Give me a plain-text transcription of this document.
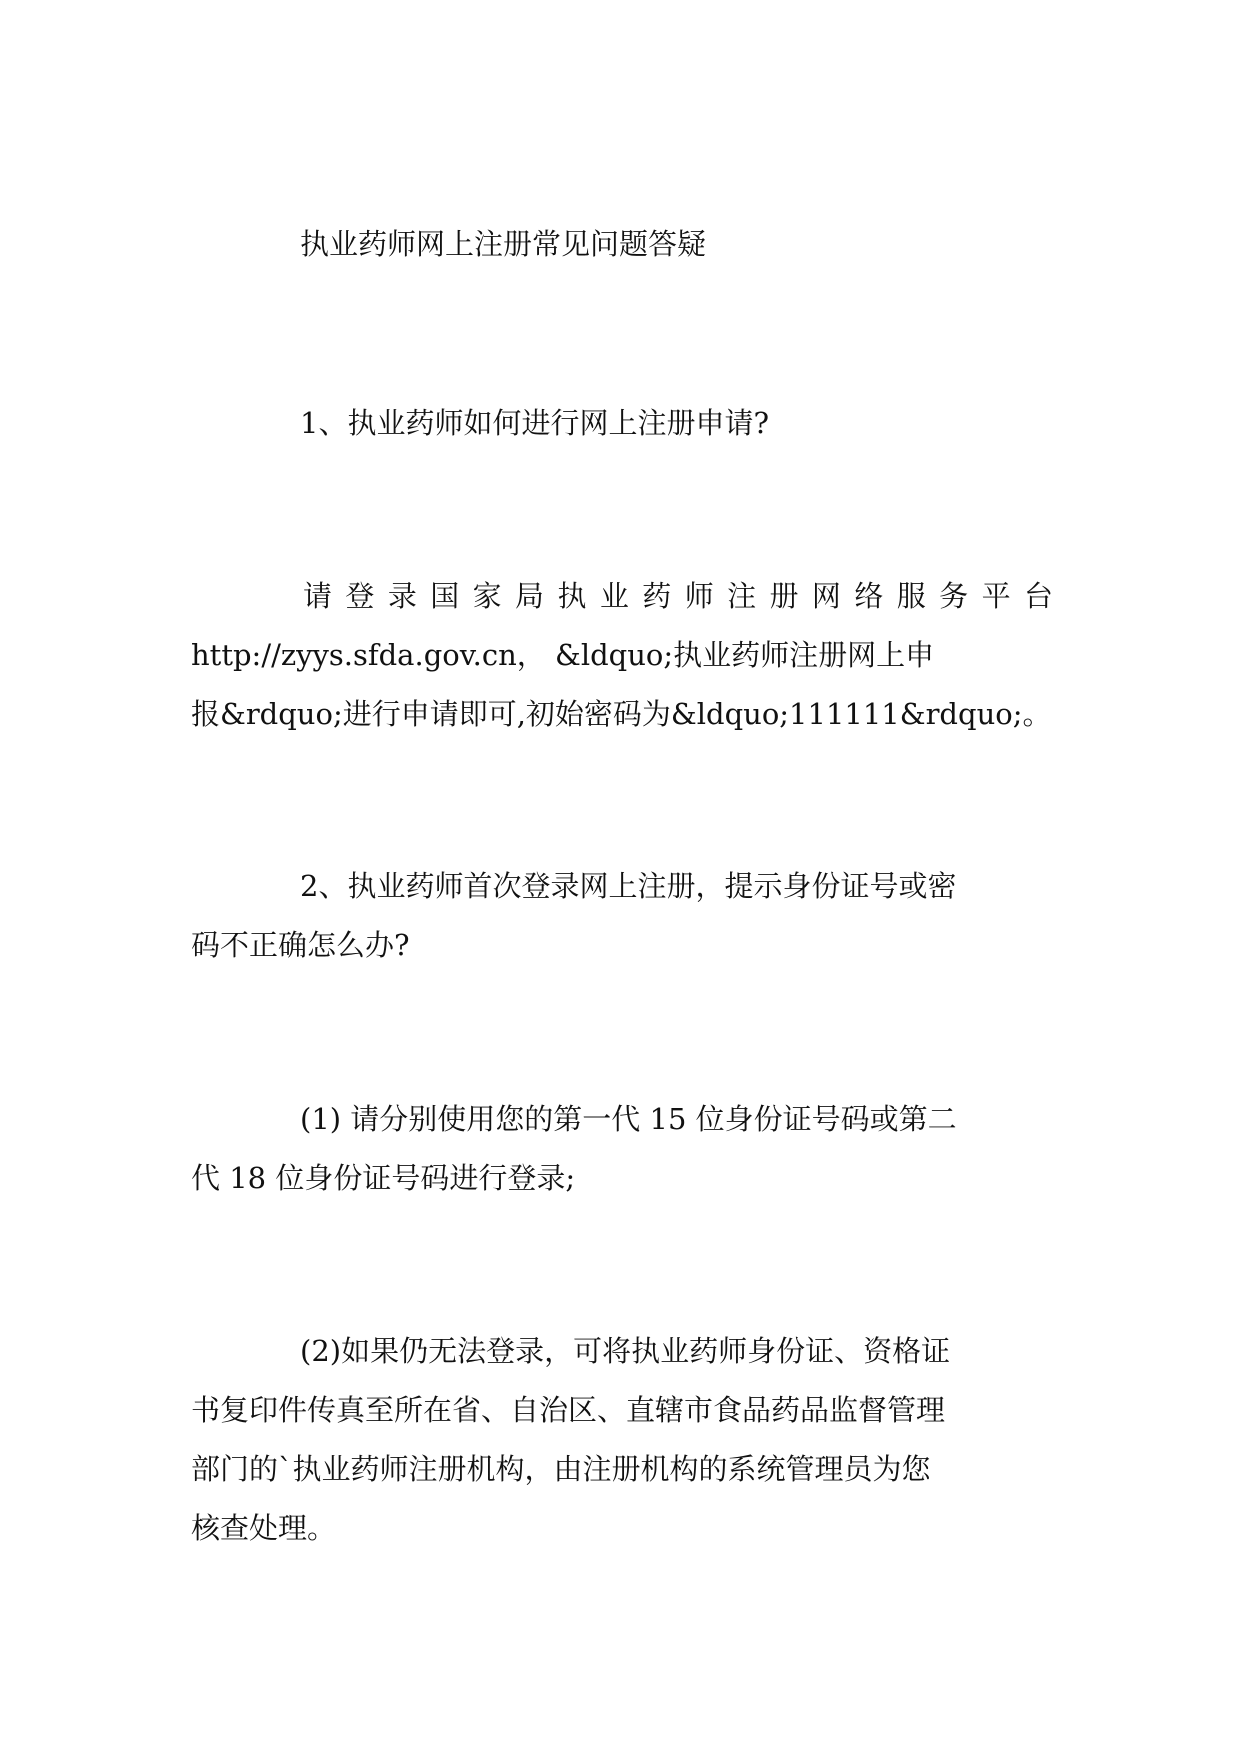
执业药师网上注册常见问题答疑

1、执业药师如何进行网上注册申请?

请登录国家局执业药师注册网络服务平台
http://zyys.sfda.gov.cn， &ldquo;执业药师注册网上申
报&rdquo;进行申请即可,初始密码为&ldquo;111111&rdquo;。

2、执业药师首次登录网上注册，提示身份证号或密
码不正确怎么办?

(1) 请分别使用您的第一代 15 位身份证号码或第二
代 18 位身份证号码进行登录;

(2)如果仍无法登录，可将执业药师身份证、资格证
书复印件传真至所在省、自治区、直辖市食品药品监督管理
部门的`执业药师注册机构，由注册机构的系统管理员为您
核查处理。
